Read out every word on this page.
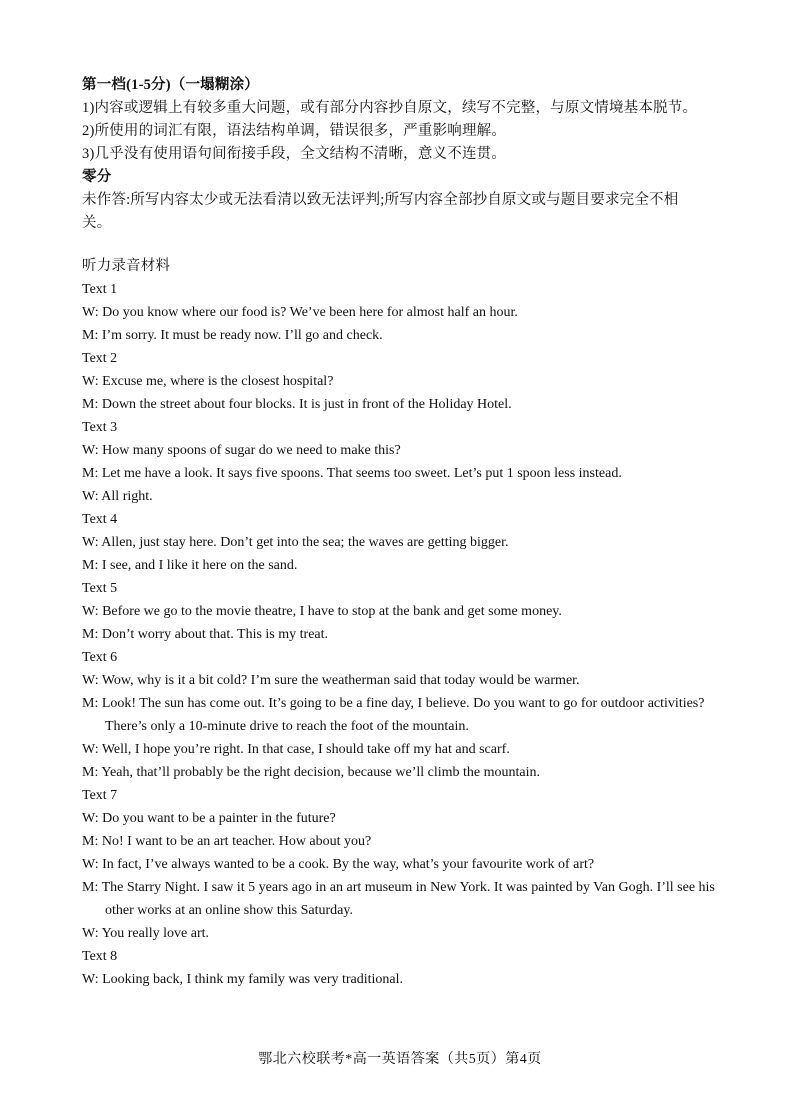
第一档(1-5分)（一塌糊涂）
1)内容或逻辑上有较多重大问题，或有部分内容抄自原文，续写不完整，与原文情境基本脱节。
2)所使用的词汇有限，语法结构单调，错误很多，严重影响理解。
3)几乎没有使用语句间衔接手段，全文结构不清晰，意义不连贯。
零分
未作答:所写内容太少或无法看清以致无法评判;所写内容全部抄自原文或与题目要求完全不相
关。
听力录音材料
Text 1
W: Do you know where our food is? We’ve been here for almost half an hour.
M: I’m sorry. It must be ready now. I’ll go and check.
Text 2
W: Excuse me, where is the closest hospital?
M: Down the street about four blocks. It is just in front of the Holiday Hotel.
Text 3
W: How many spoons of sugar do we need to make this?
M: Let me have a look. It says five spoons. That seems too sweet. Let’s put 1 spoon less instead.
W: All right.
Text 4
W: Allen, just stay here. Don’t get into the sea; the waves are getting bigger.
M: I see, and I like it here on the sand.
Text 5
W: Before we go to the movie theatre, I have to stop at the bank and get some money.
M: Don’t worry about that. This is my treat.
Text 6
W: Wow, why is it a bit cold? I’m sure the weatherman said that today would be warmer.
M: Look! The sun has come out. It’s going to be a fine day, I believe. Do you want to go for outdoor activities? There’s only a 10-minute drive to reach the foot of the mountain.
W: Well, I hope you’re right. In that case, I should take off my hat and scarf.
M: Yeah, that’ll probably be the right decision, because we’ll climb the mountain.
Text 7
W: Do you want to be a painter in the future?
M: No! I want to be an art teacher. How about you?
W: In fact, I’ve always wanted to be a cook. By the way, what’s your favourite work of art?
M: The Starry Night. I saw it 5 years ago in an art museum in New York. It was painted by Van Gogh. I’ll see his other works at an online show this Saturday.
W: You really love art.
Text 8
W: Looking back, I think my family was very traditional.
鄂北六校联考*高一英语答案（共5页）第4页
